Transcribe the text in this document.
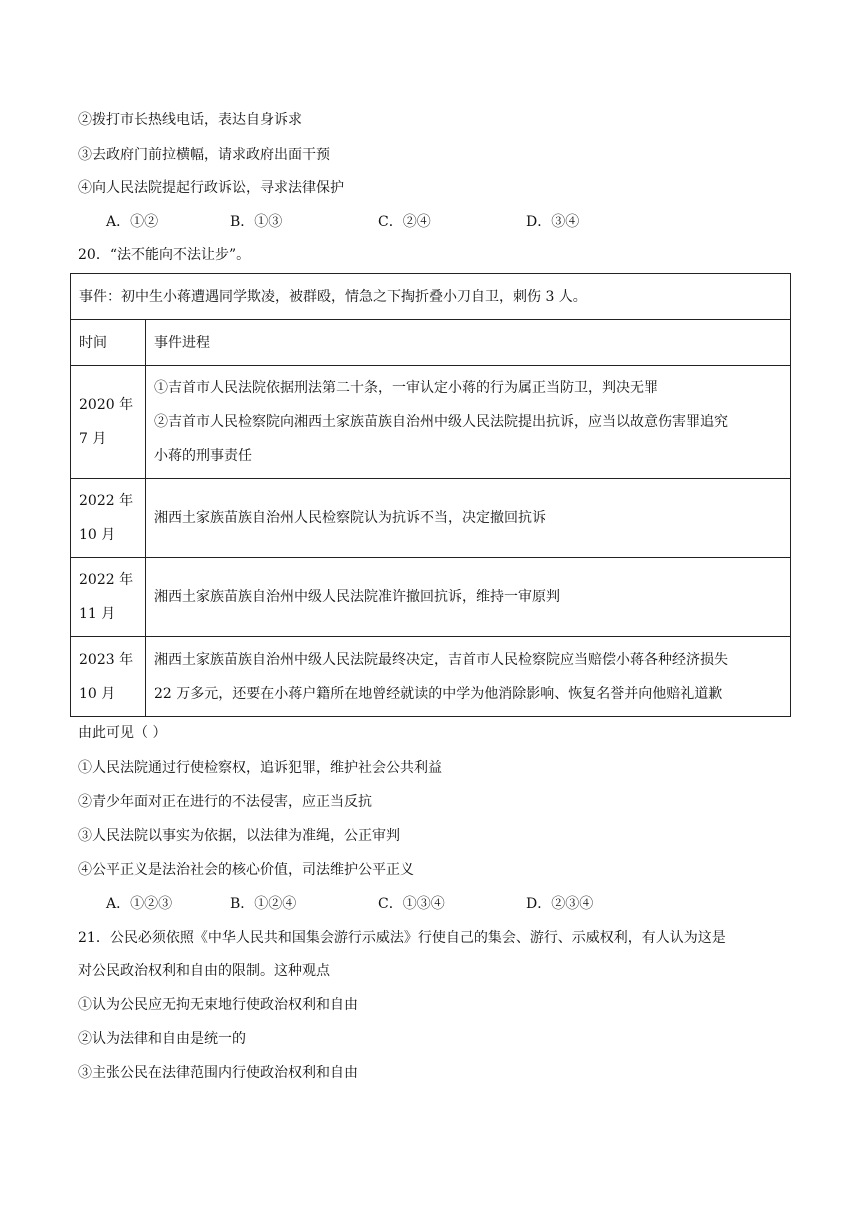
②拨打市长热线电话，表达自身诉求
③去政府门前拉横幅，请求政府出面干预
④向人民法院提起行政诉讼，寻求法律保护
A．①②	B．①③	C．②④	D．③④
20．“法不能向不法让步”。
事件：初中生小蒋遭遇同学欺凌，被群殴，情急之下掏折叠小刀自卫，刺伤 3 人。	
时间	事件进程
2020 年 7 月	①吉首市人民法院依据刑法第二十条，一审认定小蒋的行为属正当防卫，判决无罪
②吉首市人民检察院向湘西土家族苗族自治州中级人民法院提出抗诉，应当以故意伤害罪追究
小蒋的刑事责任

2022 年 10 月	湘西土家族苗族自治州人民检察院认为抗诉不当，决定撤回抗诉
2022 年 11 月	湘西土家族苗族自治州中级人民法院准许撤回抗诉，维持一审原判
2023 年 10 月	湘西土家族苗族自治州中级人民法院最终决定，吉首市人民检察院应当赔偿小蒋各种经济损失
22 万多元，还要在小蒋户籍所在地曾经就读的中学为他消除影响、恢复名誉并向他赔礼道歉
由此可见（ ）
①人民法院通过行使检察权，追诉犯罪，维护社会公共利益
②青少年面对正在进行的不法侵害，应正当反抗
③人民法院以事实为依据，以法律为准绳，公正审判
④公平正义是法治社会的核心价值，司法维护公平正义
A．①②③	B．①②④	C．①③④	D．②③④
21．公民必须依照《中华人民共和国集会游行示威法》行使自己的集会、游行、示威权利，有人认为这是
对公民政治权利和自由的限制。这种观点
①认为公民应无拘无束地行使政治权利和自由
②认为法律和自由是统一的
③主张公民在法律范围内行使政治权利和自由
